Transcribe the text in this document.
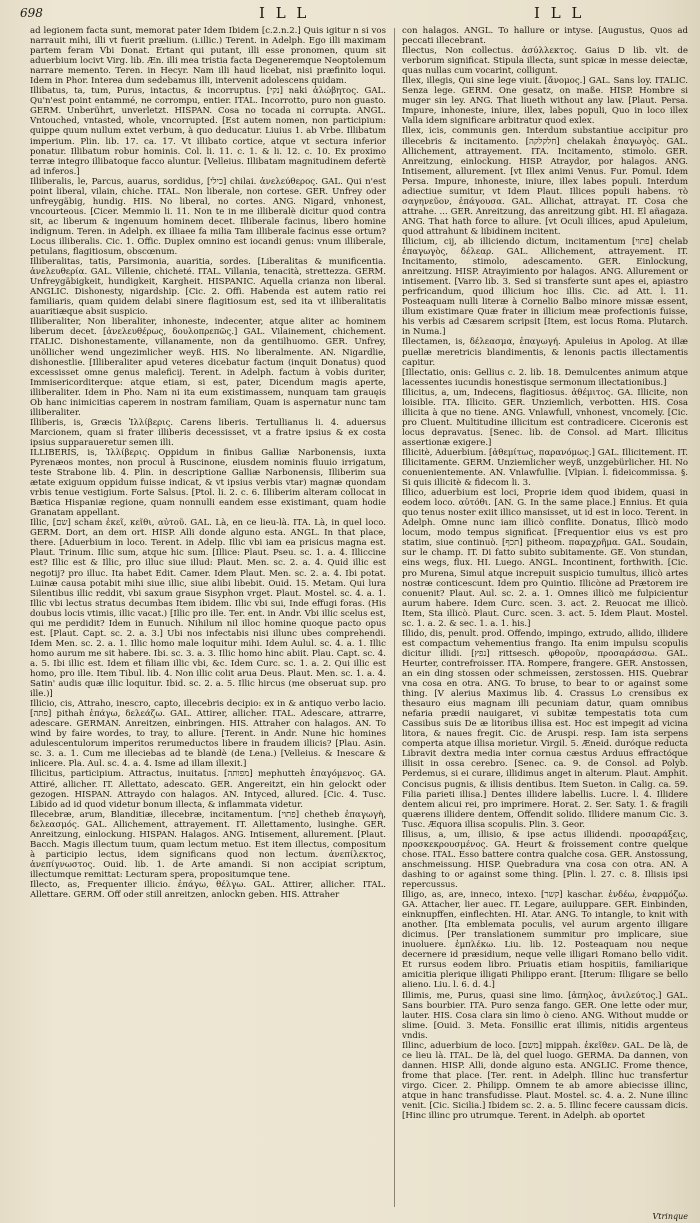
698	I L L	I L L

ad legionem facta sunt, memorat pater Idem Ibidem [c.2.n.2.] Quis igitur n si vos narrauit mihi, illi vt fuerit prælium. (i.illic.) Terent. in Adelph. Ego illi maximam partem feram Vbi Donat. Ertant qui putant, illi esse pronomen, quum sit aduerbium locivt Virg. lib. Æn. illi mea tristia facta Degeneremque Neoptolemum narrare memento. Teren. in Hecyr. Nam illi haud licebat, nisi præfinito loqui. Idem in Phor. Interea dum sedebamus illi, intervenit adolescens quidam.

Illibatus, ta, tum, Purus, intactus, & incorruptus. [נקי] naki ἀλώβητος. GAL. Qu'n'est point entammé, ne corrompu, entier. ITAL. Incorrotto, puro non guasto. GERM. Unberührt, unverletzt. HISPAN. Cosa no tocada ni corrupta. ANGL. Vntouched, vntasted, whole, vncorrupted. [Est autem nomen, non participium: quippe quum nullum extet verbum, à quo deducatur. Liuius 1. ab Vrbe. Illibatum imperium. Plin. lib. 17. ca. 17. Vt illibato cortice, atque vt sectura inferior ponatur. Illibatum robur hominis. Col. li. 11. c. 1. & li. 12. c. 10. Ex proximo terræ integro illibatoque facco aluntur. [Velleius. Illibatam magnitudinem defertè ad inferos.]

Illiberalis, le, Parcus, auarus, sordidus, [כילי] chilai. ἀνελεύθερος. GAL. Qui n'est point liberal, vilain, chiche. ITAL. Non liberale, non cortese. GER. Unfrey oder unfreygäbig, hundig. HIS. No liberal, no cortes. ANG. Nigard, vnhonest, vncourteous. [Cicer. Memmio li. 11. Non te in me illiberalè dicitur quod contra sit, ac liberum & ingenuum hominem decet. Illiberale facinus, libero homine indignum. Teren. in Adelph. ex illiaee fa milia Tam illiberale facinus esse ortum? Locus illiberalis. Cic. 1. Offic. Duplex omnino est iocandi genus: vnum illiberale, petulans, flagitiosum, obscœnum.

Illiberalitas, tatis, Parsimonia, auaritia, sordes. [Liberalitas & munificentia. ἀνελευθερία. GAL. Villenie, chicheté. ITAL. Villania, tenacità, strettezza. GERM. Unfreygäbigkeit, hundigkeit, Kargheit. HISPANIC. Aquella crianza non liberal. ANGLIC. Dishonesty, nigardship. [Cic. 2. Offi. Habenda est autem ratio rei familiaris, quam quidem delabi sinere flagitiosum est, sed ita vt illiberalitatis auaritiæque absit suspicio.

Illiberaliter, Non liberaliter, inhoneste, indecenter, atque aliter ac hominem liberum decet. [ἀνελευθέρως, δουλοπρεπῶς.] GAL. Vilainement, chichement. ITALIC. Dishonestamente, villanamente, non da gentilhuomo. GER. Unfrey, unöllicher wend ungezimlicher weyß. HIS. No liberalmente. AN. Nigardlie, dishonestlie. [Illiberaliter apud veteres dicebatur factum (inquit Donatus) quod excessisset omne genus maleficij. Terent. in Adelph. factum à vobis duriter, Immisericorditerque: atque etiam, si est, pater, Dicendum magis aperte, illiberaliter. Idem in Pho. Nam ni ita eum existimassem, nunquam tam grauęis Ob hanc inimicitias caperem in nostram familiam, Quam is aspernatur nunc tam illiberaliter.

Illiberis, is, Græcis Ἰλλίβερις. Carens liberis. Tertullianus li. 4. aduersus Marcionem, quam si frater illiberis decessisset, vt a fratre ipsius & ex costa ipsius supparaueretur semen illi.

ILLIBERIS, is, Ἰλλίβερις. Oppidum in finibus Galliæ Narbonensis, iuxta Pyrenæos montes, non procul à Ruscinone, eiusdem nominis fluuio irrigatum, teste Strabone lib. 4. Plin. in descriptione Galliæ Narbonensis, Illiberim sua ætate exiguum oppidum fuisse indicat, & vt ipsius verbis vtar) magnæ quondam vrbis tenue vestigium. Forte Salsus. [Ptol. li. 2. c. 6. Illiberim alteram collocat in Bætica Hispaniæ regione, quam nonnulli eandem esse existimant, quam hodie Granatam appellant.

Illic, [שם] scham ἐκεῖ, κεῖθι, αὐτοῦ. GAL. Là, en ce lieu-là. ITA. Là, in quel loco. GERM. Dort, an dem ort. HISP. Alli donde alguno esta. ANGL. In that place, there. [Aduerbium in loco. Terent. in Adelp. Illic vbi iam ea prisicus magna est. Plaut. Trinum. Illic sum, atque hic sum. [Illice: Plaut. Pseu. sc. 1. a. 4. Illiccine est? Illic est & Illic, pro illuc siue illud: Plaut. Men. sc. 2. a. 4. Quid illic est negotij? pro illuc. Ita habet Edit. Camer. Idem Plaut. Men. sc. 2. a. 4. Ibi potat. Luinæ causa potabit mihi siue illic, siue alibi libebit. Ouid. 15. Metam. Qui lura Silentibus illic reddit, vbi saxum graue Sisyphon vrget. Plaut. Mostel. sc. 4. a. 1. Illic vbi lectus stratus decumbas Item ibidem. Illic vbi sui, Inde effugi foras. (His doubus locis vtimis, illic vacat.) [Illic pro ille. Ter. ent. in Andr. Vbi illic scelus est, qui me perdidit? Idem in Eunuch. Nihilum nil illoc homine quoque pacto opus est. [Plaut. Capt. sc. 2. a. 3.] Ubi nos infectabis nisi illunc ubes comprehendi. Idem Men. sc. 2. a. 1. Illic homo male loquitur mihi. Idem Aulul. sc. 4. a. 1. Illic homo aurum me sit habere. Ibi. sc. 3. a. 3. Illic homo hinc abiit. Plau. Capt. sc. 4. a. 5. Ibi illic est. Idem et filiam illic vbi, &c. Idem Curc. sc. 1. a. 2. Qui illic est homo, pro ille. Item Tibul. lib. 4. Non illic colit arua Deus. Plaut. Men. sc. 1. a. 4. Satin' audis quæ illic loquitur. Ibid. sc. 2. a. 5. Illic hircus (me obseruat sup. pro ille.)]

Illicio, cis, Attraho, inescro, capto, illecebris decipio: ex in & antiquo verbo lacio. [פתה] pithah ἐπάγω, δελεάζω. GAL. Attirer, allicher. ITAL. Adescare, attrarre, adescare. GERMAN. Anreitzen, einbringen. HIS. Attraher con halagos. AN. To wind by faire wordes, to tray, to allure. [Terent. in Andr. Nune hic homines adulescentulorum imperitos rerumeductos libere in fraudem illicis? [Plau. Asin. sc. 3. a. 1. Cum me illeciebas ad te blandè (de Lena.) [Velleius. & Inescare & inlicere. Pla. Aul. sc. 4. a. 4. Isme ad illam illexit.]

Illicitus, participium. Attractus, inuitatus. [מפותה] mephutteh ἐπαγόμενος. GA. Attiré, allicher. IT. Allettato, adescato. GER. Angereitzt, ein hin gelockt oder gezogen. HISPAN. Attraydo con halagos. AN. Intyced, allured. [Cic. 4. Tusc. Libido ad id quod videtur bonum illecta, & inflammata videtur.

Illecebræ, arum, Blanditiæ, illecebræ, incitamentum. [פתוי] chetheb ἐπαγωγὴ, δελεασμός. GAL. Allichement, attrayement. IT. Allettamento, lusinghe. GER. Anreitzung, einlockung. HISPAN. Halagos. ANG. Intisement, allurement. [Plaut. Bacch. Magis illectum tuum, quam lectum metuo. Est item illectus, compositum à participio lectus, idem significans quod non lectum. ἀνεπίλεκτος, ἀνεπίγνωστος. Ouid. lib. 1. de Arte amandi. Si non accipiat scriptum, illectumque remittat: Lecturam spera, propositumque tene.

Illecto, as, Frequenter illicio. ἐπάγω, θέλγω. GAL. Attirer, allicher. ITAL. Allettare. GERM. Off oder still anreitzen, anlockn geben. HIS. Attraher

con halagos. ANGL. To hallure or intyse. [Augustus, Quos ad peccati illecebrant.

Illectus, Non collectus. ἀσύλλεκτος. Gaius D lib. vlt. de verborum significat. Stipula illecta, sunt spicæ in messe deiectæ, quas nullas cum vocarint, colligunt.

Illex, illegis, Qui sine lege viuit. [ἄνομος.] GAL. Sans loy. ITALIC. Senza lege. GERM. One gesatz, on maße. HISP. Hombre si muger sin ley. ANG. That liueth without any law. [Plaut. Persa. Impure, inhoneste, iniure, illex, labes populi, Quo in loco illex Valla idem significare arbitratur quod exlex.

Illex, icis, communis gen. Interdum substantiue accipitur pro illecebris & incitamento. [חלקלקה] chelakah ἐπαγωγὸς. GAL. Allichement, attrayement. ITA. Incitamento, stimolo. GER. Anreitzung, einlockung. HISP. Atraydor, por halagos. ANG. Intisement, allurement. [vt Illex animi Venus. Fur. Pomul. Idem Persa. Impure, inhoneste, iniure, illex labes populi. Interdum adiectiue sumitur, vt Idem Plaut. Illices populi habens. τὸ σαγηνεῦον, ἐπάγουσα. GAL. Allichat, attrayat. IT. Cosa che attrahe. ... GER. Anreitzung, das anreitzung gibt. HI. El añagaza. ANG. That hath force to allure. [vt Oculi illices, apud Apuleium, quod attrahunt & libidinem incitent.

Illicium, cij, ab illiciendo dictum, incitamentum [פתוי] chelab ἐπαγωγὸς, δέλεαρ. GAL. Allichement, attrayement. IT. Incitamento, stimolo, adescamento. GER. Einlockung, anreitzung. HISP. Atrayimiento por halagos. ANG. Allurement or intisement. [Varro lib. 3. Sed si transferte sunt apes ei, apiastro perfricandum, quod illicium hoc illis. Cic. ad Att. l. 11. Posteaquam nulli literæ à Cornelio Balbo minore missæ essent, illum existimare Quæ frater in illicium meæ profectionis fuisse, his verbis ad Cæsarem scripsit [Item, est locus Roma. Plutarch. in Numa.]

Illectamen, is, δέλεασμα, ἐπαγωγή. Apuleius in Apolog. At illæ puellæ meretricis blandimentis, & lenonis pactis illectamentis capitur.

[Illectatio, onis: Gellius c. 2. lib. 18. Demulcentes animum atque lacessentes iucundis honestisque sermonum illectationibus.]

Illicitus, a, um, Indecens, flagitiosus. ἀθέμιτος. GA. Illicite, non loisible. ITA. Illicito. GER. Unziemlich, verbotten. HIS. Cosa illicita à que no tiene. ANG. Vnlawfull, vnhonest, vncomely. [Cic. pro Cluent. Multitudine illicitum est contradicere. Ciceronis est locus depravatus. [Senec. lib. de Consol. ad Mart. Illicitus assertionæ exigere.]

Illicitè, Aduerbium. [ἀθεμίτως, παρανόμως.] GAL. Illicitement. IT. Illicitamente. GERM. Unziemlicher weyß, unzgebürlicher. HI. No conuenientemente. AN. Vnlawfullie. [Vlpian. l. fideicommissa. §. Si quis illicitè & fidecom li. 3.

Illico, aduerbium est loci, Proprie idem quod ibidem, quasi in eodem loco. αὐτόθι. [AN. G. In the same place.] Ennius. Et quia quo tenus noster exiit illico mansisset, ut id est in loco. Terent. in Adelph. Omne nunc iam illicò conflite. Donatus, Illicò modo locum, modo tempus significat. [Frequentior eius vs est pro statim, siue continuò. [תכף] pitheom. παραχρῆμα. GAL. Soudain, sur le champ. IT. Di fatto subito subitamente. GE. Von stundan, eins wegs, flux. HI. Luego. ANGL. Incontinent, forthwith. [Cic. pro Murena, Simul atque increpuit suspicio tumultus, illicò artes nostræ conticescunt. Idem pro Quintio. Illicòne ad Prætorem ire conuenit? Plaut. Aul. sc. 2. a. 1. Omnes illicò me fulpicientur aurum habere. Idem Curc. scen. 3. act. 2. Reuocat me illicò. Item, Sta illicò. Plaut. Curc. scen. 3. act. 5. Idem Plaut. Mostel. sc. 1. a. 2. & sec. 1. a. 1. his.]

Illido, dis, penult. prod. Offendo, impingo, extrudo, allido, illidere est compactum vehementius frango. Ita enim impulsu scopulis dicitur illidi. [נפץ] rittsesch. φθοροῦν, προσαράσσω. GAL. Heurter, contrefroisser. ITA. Rompere, frangere. GER. Anstossen, an ein ding stossen oder schmeissen, zerstossen. HIS. Quebrar vna cosa en otra. ANG. To bruse, to bear to or against some thing. [V alerius Maximus lib. 4. Crassus Lo crensibus ex thesauro eius magnam illi pecuniam datur, quam omnibus nefaria prædii nauigaret, vi subitæ tempestatis tota cum Cassibus suis De æ litoribus illisa est. Hoc est impegit ad vicina litora, & naues fregit. Cic. de Aruspi. resp. Iam ista serpens comperta atque illisa morietur. Virgil. 5. Æneid. duróque reducta Libravit dextra media inter cornua cæstus Arduus effractóque illisit in ossa cerebro. [Senec. ca. 9. de Consol. ad Polyb. Perdemus, si ei curare, illidimus anget in alterum. Plaut. Amphit. Concisus pugnis, & illisis dentibus. Item Sueton. in Calig. ca. 59. Filia parieti illisa.] Dentes illidere labellis. Lucre. l. 4. Illidere dentem alicui rei, pro imprimere. Horat. 2. Ser. Saty. 1. & fragili quærens illidere dentem, Offendit solido. Illidere manum Cic. 3. Tusc. Æquora illisa scopulis. Plin. 3. Geor.

Illisus, a, um, illisio, & ipse actus illidendi. προσαράξεις, προσκεκρουσμένος. GA. Heurt & froissement contre quelque chose. ITAL. Esso battere contra qualche cosa. GER. Anstossung, anschmeissung. HISP. Quebradura vna cosa con otra. AN. A dashing to or against some thing. [Plin. l. 27. c. 8. Illisis ipsi repercussus.

Illigo, as, are, inneco, intexo. [קשר] kaschar. ἐνδέω, ἐναρμόζω. GA. Attacher, lier auec. IT. Legare, auiluppare. GER. Einbinden, einknupffen, einflechten. HI. Atar. ANG. To intangle, to knit with another. [Ita emblemata poculis, vel aurum argento illigare dicimus. [Per translationem summitur pro implicare, siue inuoluere. ἐμπλέκω. Liu. lib. 12. Posteaquam nou neque decernere id præsidium, neque velle illigari Romano bello vidit. Et rursus eodem libro. Priuatis etiam hospitiis, familiarique amicitia plerique illigati Philippo erant. [Iterum: Illigare se bello alieno. Liu. l. 6. d. 4.]

Illimis, me, Purus, quasi sine limo. [ἀπηλος, ἀνιλεύτος.] GAL. Sans bourbier. ITA. Puro senza fango. GER. One lette oder mur, lauter. HIS. Cosa clara sin limo ò cieno. ANG. Without mudde or slime. [Ouid. 3. Meta. Fonsillic erat illimis, nitidis argenteus vndis.

Illinc, aduerbium de loco. [משם] mippah. ἐκεῖθεν. GAL. De là, de ce lieu là. ITAL. De là, del quel luogo. GERMA. Da dannen, von dannen. HISP. Alli, donde alguno esta. ANGLIC. Frome thence, frome that place. [Ter. rent. in Adelph. Illinc huc transfertur virgo. Cicer. 2. Philipp. Omnem te ab amore abiecisse illinc, atque in hanc transfudisse. Plaut. Mostel. sc. 4. a. 2. Nune illinc venit. [Cic. Sicilia.] Ibidem sc. 2. a. 5. Illinc fecere caussam dicis. [Hinc illinc pro utrumque. Terent. in Adelph. ab oportet

Vtrinque
